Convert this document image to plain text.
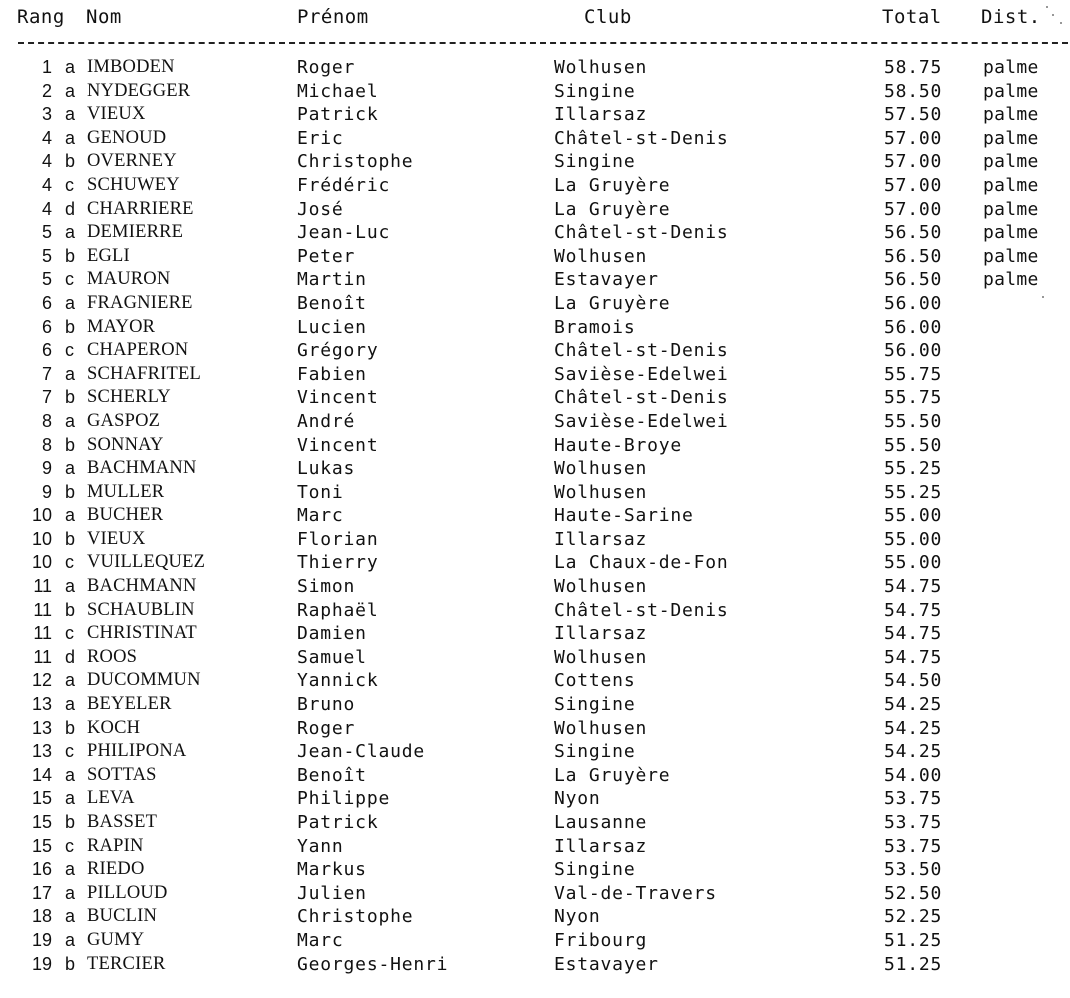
Rang Nom	Prénom	Club	Total Dist.
1 a IMBODEN	Roger	Wolhusen	58.75 palme
2 a NYDEGGER	Michael	Singine	58.50 palme
3 a VIEUX	Patrick	Illarsaz	57.50 palme
4 a GENOUD	Eric	Châtel-st-Denis	57.00 palme
4 b OVERNEY	Christophe	Singine	57.00 palme
4 c SCHUWEY	Frédéric	La Gruyère	57.00 palme
4 d CHARRIERE	José	La Gruyère	57.00 palme
5 a DEMIERRE	Jean-Luc	Châtel-st-Denis	56.50 palme
5 b EGLI	Peter	Wolhusen	56.50 palme
5 c MAURON	Martin	Estavayer	56.50 palme
6 a FRAGNIERE	Benoît	La Gruyère	56.00
6 b MAYOR	Lucien	Bramois	56.00
6 c CHAPERON	Grégory	Châtel-st-Denis	56.00
7 a SCHAFRITEL	Fabien	Savièse-Edelwei	55.75
7 b SCHERLY	Vincent	Châtel-st-Denis	55.75
8 a GASPOZ	André	Savièse-Edelwei	55.50
8 b SONNAY	Vincent	Haute-Broye	55.50
9 a BACHMANN	Lukas	Wolhusen	55.25
9 b MULLER	Toni	Wolhusen	55.25
10 a BUCHER	Marc	Haute-Sarine	55.00
10 b VIEUX	Florian	Illarsaz	55.00
10 c VUILLEQUEZ	Thierry	La Chaux-de-Fon	55.00
11 a BACHMANN	Simon	Wolhusen	54.75
11 b SCHAUBLIN	Raphaël	Châtel-st-Denis	54.75
11 c CHRISTINAT	Damien	Illarsaz	54.75
11 d ROOS	Samuel	Wolhusen	54.75
12 a DUCOMMUN	Yannick	Cottens	54.50
13 a BEYELER	Bruno	Singine	54.25
13 b KOCH	Roger	Wolhusen	54.25
13 c PHILIPONA	Jean-Claude	Singine	54.25
14 a SOTTAS	Benoît	La Gruyère	54.00
15 a LEVA	Philippe	Nyon	53.75
15 b BASSET	Patrick	Lausanne	53.75
15 c RAPIN	Yann	Illarsaz	53.75
16 a RIEDO	Markus	Singine	53.50
17 a PILLOUD	Julien	Val-de-Travers	52.50
18 a BUCLIN	Christophe	Nyon	52.25
19 a GUMY	Marc	Fribourg	51.25
19 b TERCIER	Georges-Henri	Estavayer	51.25
